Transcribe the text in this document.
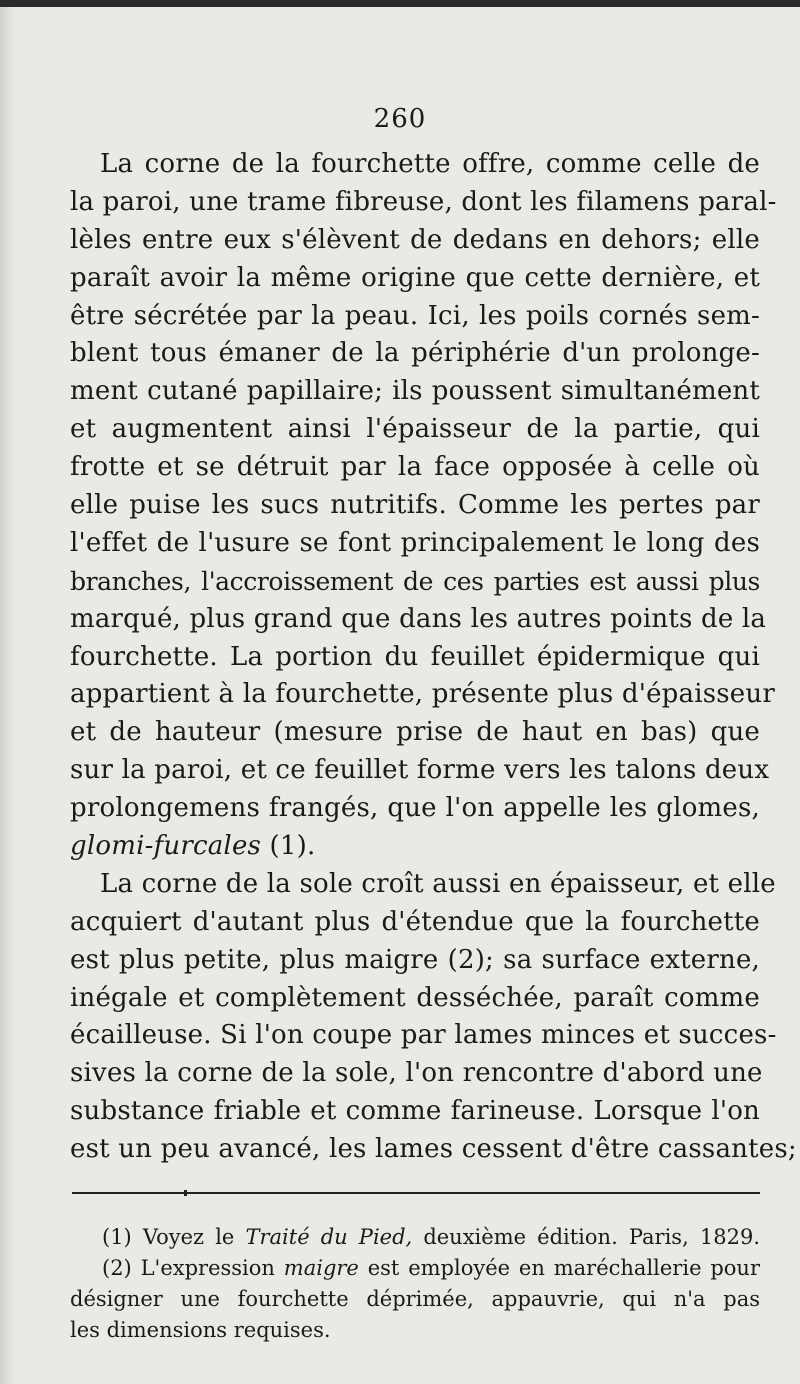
260
La corne de la fourchette offre, comme celle de
la paroi, une trame fibreuse, dont les filamens paral-
lèles entre eux s'élèvent de dedans en dehors; elle
paraît avoir la même origine que cette dernière, et
être sécrétée par la peau. Ici, les poils cornés sem-
blent tous émaner de la périphérie d'un prolonge-
ment cutané papillaire; ils poussent simultanément
et augmentent ainsi l'épaisseur de la partie, qui
frotte et se détruit par la face opposée à celle où
elle puise les sucs nutritifs. Comme les pertes par
l'effet de l'usure se font principalement le long des
branches, l'accroissement de ces parties est aussi plus
marqué, plus grand que dans les autres points de la
fourchette. La portion du feuillet épidermique qui
appartient à la fourchette, présente plus d'épaisseur
et de hauteur (mesure prise de haut en bas) que
sur la paroi, et ce feuillet forme vers les talons deux
prolongemens frangés, que l'on appelle les glomes,
glomi-furcales (1).
La corne de la sole croît aussi en épaisseur, et elle
acquiert d'autant plus d'étendue que la fourchette
est plus petite, plus maigre (2); sa surface externe,
inégale et complètement desséchée, paraît comme
écailleuse. Si l'on coupe par lames minces et succes-
sives la corne de la sole, l'on rencontre d'abord une
substance friable et comme farineuse. Lorsque l'on
est un peu avancé, les lames cessent d'être cassantes;
(1) Voyez le Traité du Pied, deuxième édition. Paris, 1829.
(2) L'expression maigre est employée en maréchallerie pour
désigner une fourchette déprimée, appauvrie, qui n'a pas
les dimensions requises.
